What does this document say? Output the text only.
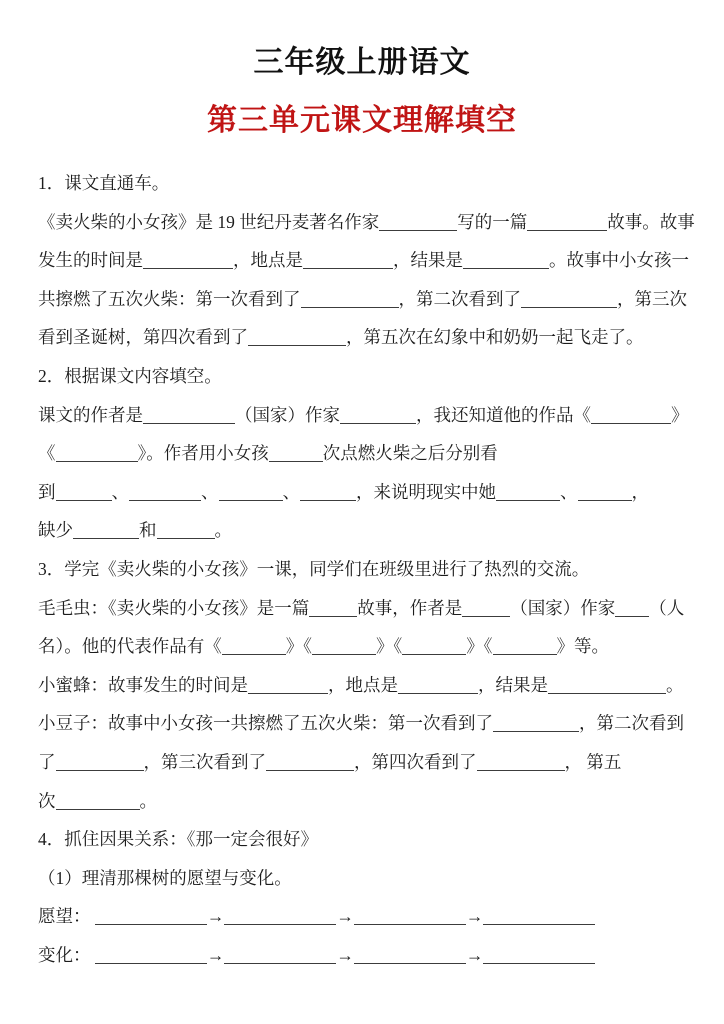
三年级上册语文
第三单元课文理解填空

1．课文直通车。

《卖火柴的小女孩》是 19 世纪丹麦著名作家	写的一篇	故事。故事

发生的时间是	，地点是	，结果是	。故事中小女孩一

共擦燃了五次火柴：第一次看到了	，第二次看到了	，第三次

看到圣诞树，第四次看到了	，第五次在幻象中和奶奶一起飞走了。

2．根据课文内容填空。

课文的作者是	（国家）作家	，我还知道他的作品《	》

《	》。作者用小女孩	次点燃火柴之后分别看

到	、	、	、	，来说明现实中她	、	，

缺少	和	。

3．学完《卖火柴的小女孩》一课，同学们在班级里进行了热烈的交流。

毛毛虫：《卖火柴的小女孩》是一篇	故事，作者是	（国家）作家 （人

名）。他的代表作品有《	》《	》《	》《	》等。

小蜜蜂：故事发生的时间是	，地点是	，结果是	。

小豆子：故事中小女孩一共擦燃了五次火柴：第一次看到了	，第二次看到

了	，第三次看到了	，第四次看到了	， 第五

次	。

4．抓住因果关系：《那一定会很好》

（1）理清那棵树的愿望与变化。

愿望：	→	→	→

变化：	→	→	→
